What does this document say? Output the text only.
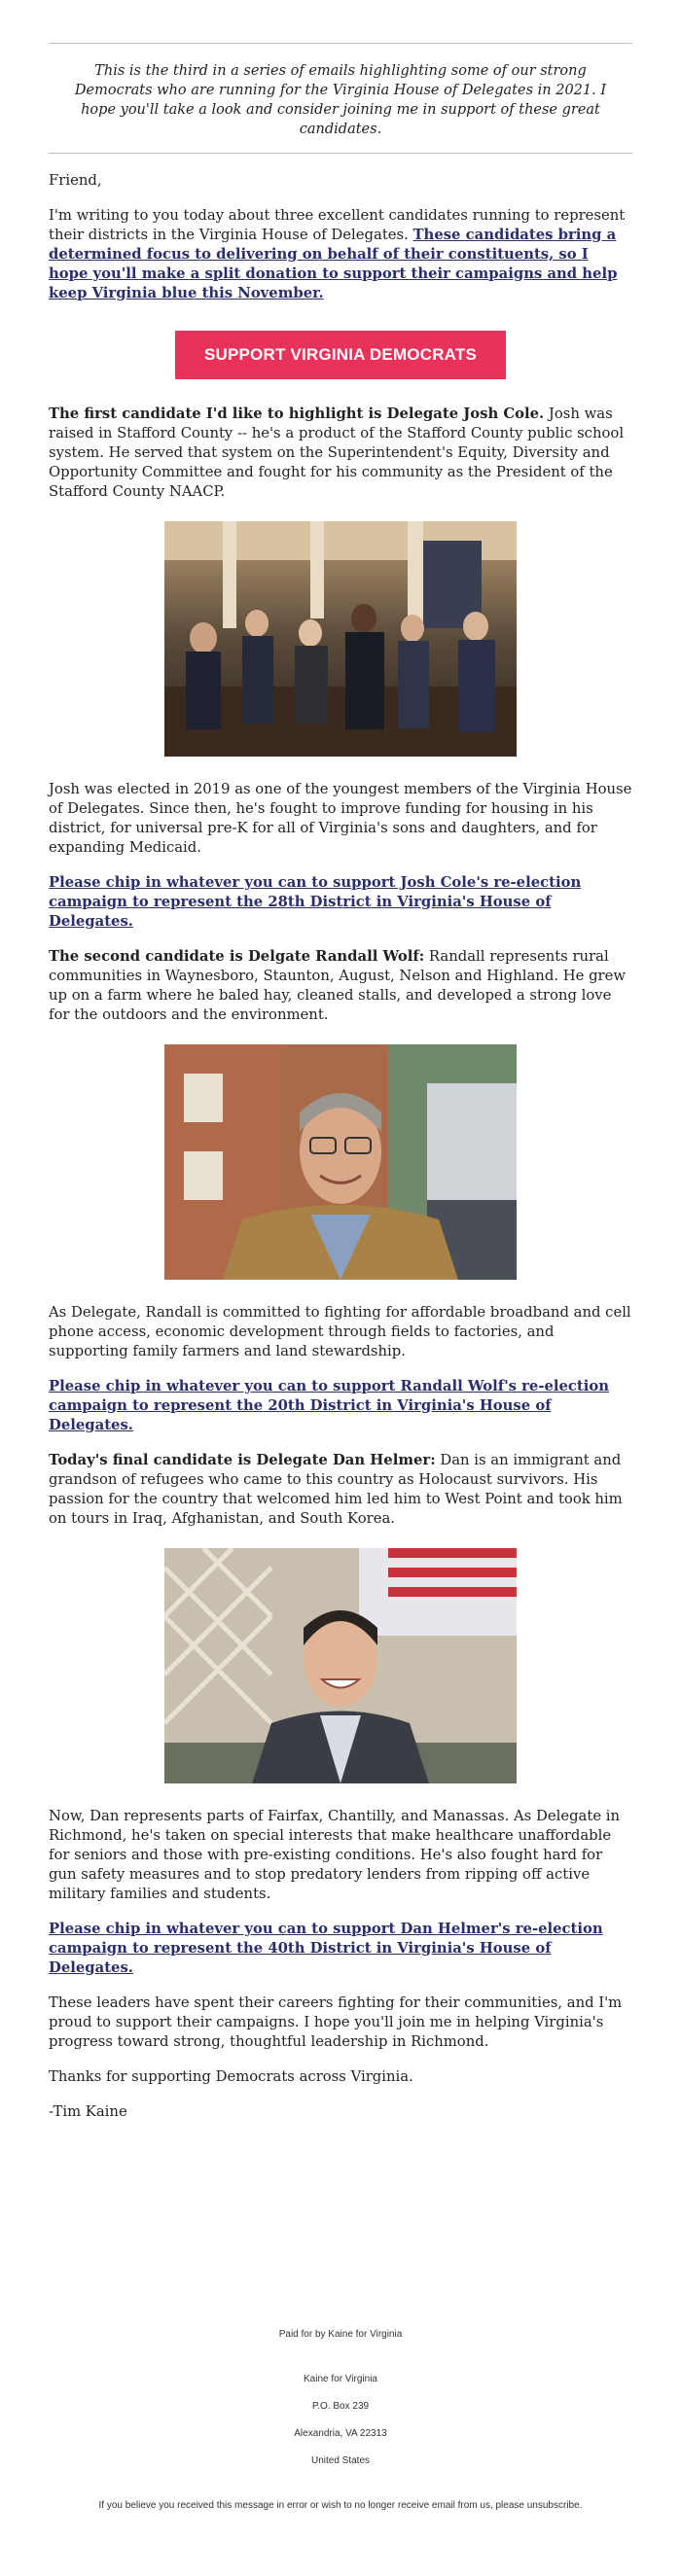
This is the third in a series of emails highlighting some of our strong Democrats who are running for the Virginia House of Delegates in 2021. I hope you'll take a look and consider joining me in support of these great candidates.

Friend,

I'm writing to you today about three excellent candidates running to represent their districts in the Virginia House of Delegates. These candidates bring a determined focus to delivering on behalf of their constituents, so I hope you'll make a split donation to support their campaigns and help keep Virginia blue this November.

SUPPORT VIRGINIA DEMOCRATS

The first candidate I'd like to highlight is Delegate Josh Cole. Josh was raised in Stafford County -- he's a product of the Stafford County public school system. He served that system on the Superintendent's Equity, Diversity and Opportunity Committee and fought for his community as the President of the Stafford County NAACP.

Josh was elected in 2019 as one of the youngest members of the Virginia House of Delegates. Since then, he's fought to improve funding for housing in his district, for universal pre-K for all of Virginia's sons and daughters, and for expanding Medicaid.

Please chip in whatever you can to support Josh Cole's re-election campaign to represent the 28th District in Virginia's House of Delegates.

The second candidate is Delgate Randall Wolf: Randall represents rural communities in Waynesboro, Staunton, August, Nelson and Highland. He grew up on a farm where he baled hay, cleaned stalls, and developed a strong love for the outdoors and the environment.

As Delegate, Randall is committed to fighting for affordable broadband and cell phone access, economic development through fields to factories, and supporting family farmers and land stewardship.

Please chip in whatever you can to support Randall Wolf's re-election campaign to represent the 20th District in Virginia's House of Delegates.

Today's final candidate is Delegate Dan Helmer: Dan is an immigrant and grandson of refugees who came to this country as Holocaust survivors. His passion for the country that welcomed him led him to West Point and took him on tours in Iraq, Afghanistan, and South Korea.

Now, Dan represents parts of Fairfax, Chantilly, and Manassas. As Delegate in Richmond, he's taken on special interests that make healthcare unaffordable for seniors and those with pre-existing conditions. He's also fought hard for gun safety measures and to stop predatory lenders from ripping off active military families and students.

Please chip in whatever you can to support Dan Helmer's re-election campaign to represent the 40th District in Virginia's House of Delegates.

These leaders have spent their careers fighting for their communities, and I'm proud to support their campaigns. I hope you'll join me in helping Virginia's progress toward strong, thoughtful leadership in Richmond.

Thanks for supporting Democrats across Virginia.

-Tim Kaine

Paid for by Kaine for Virginia
Kaine for Virginia
P.O. Box 239
Alexandria, VA 22313
United States
If you believe you received this message in error or wish to no longer receive email from us, please unsubscribe.
